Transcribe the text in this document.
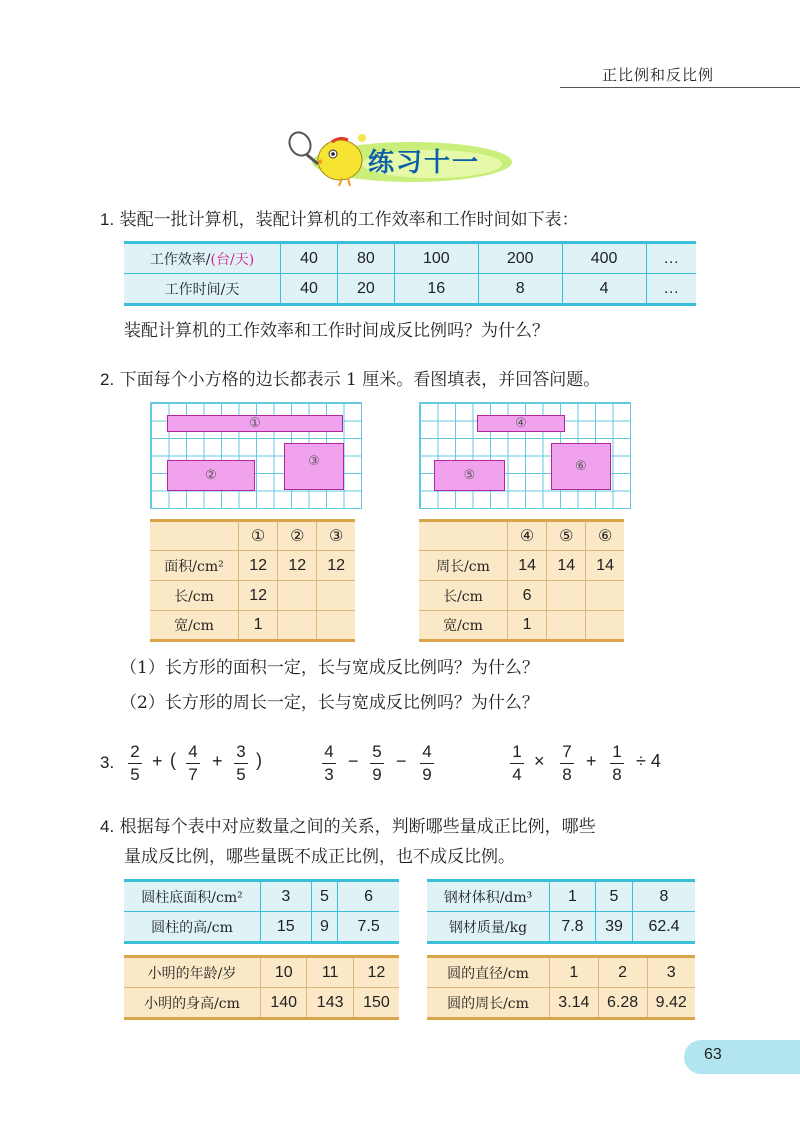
正比例和反比例
练习十一
1. 装配一批计算机，装配计算机的工作效率和工作时间如下表：
工作效率/(台/天)	40	80	100	200	400	…
工作时间/天	40	20	16	8	4	…
装配计算机的工作效率和工作时间成反比例吗？为什么？
2. 下面每个小方格的边长都表示 1 厘米。看图填表，并回答问题。
①
②
③
④
⑤
⑥
	①	②	③
面积/cm²	12	12	12
长/cm	12		
宽/cm	1		
	④	⑤	⑥
周长/cm	14	14	14
长/cm	6		
宽/cm	1		
（1）长方形的面积一定，长与宽成反比例吗？为什么？
（2）长方形的周长一定，长与宽成反比例吗？为什么？
3.
2
5
+ ( 4
7
+ 3
5
)	4
3
− 5
9
− 4
9
1
4
× 7
8
+ 1
8
÷ 4
4. 根据每个表中对应数量之间的关系，判断哪些量成正比例，哪些
量成反比例，哪些量既不成正比例，也不成反比例。
圆柱底面积/cm²	3	5	6
圆柱的高/cm	15	9	7.5
钢材体积/dm³	1	5	8
钢材质量/kg	7.8	39	62.4
小明的年龄/岁	10	11	12
小明的身高/cm	140	143	150
圆的直径/cm	1	2	3
圆的周长/cm	3.14	6.28	9.42
63
